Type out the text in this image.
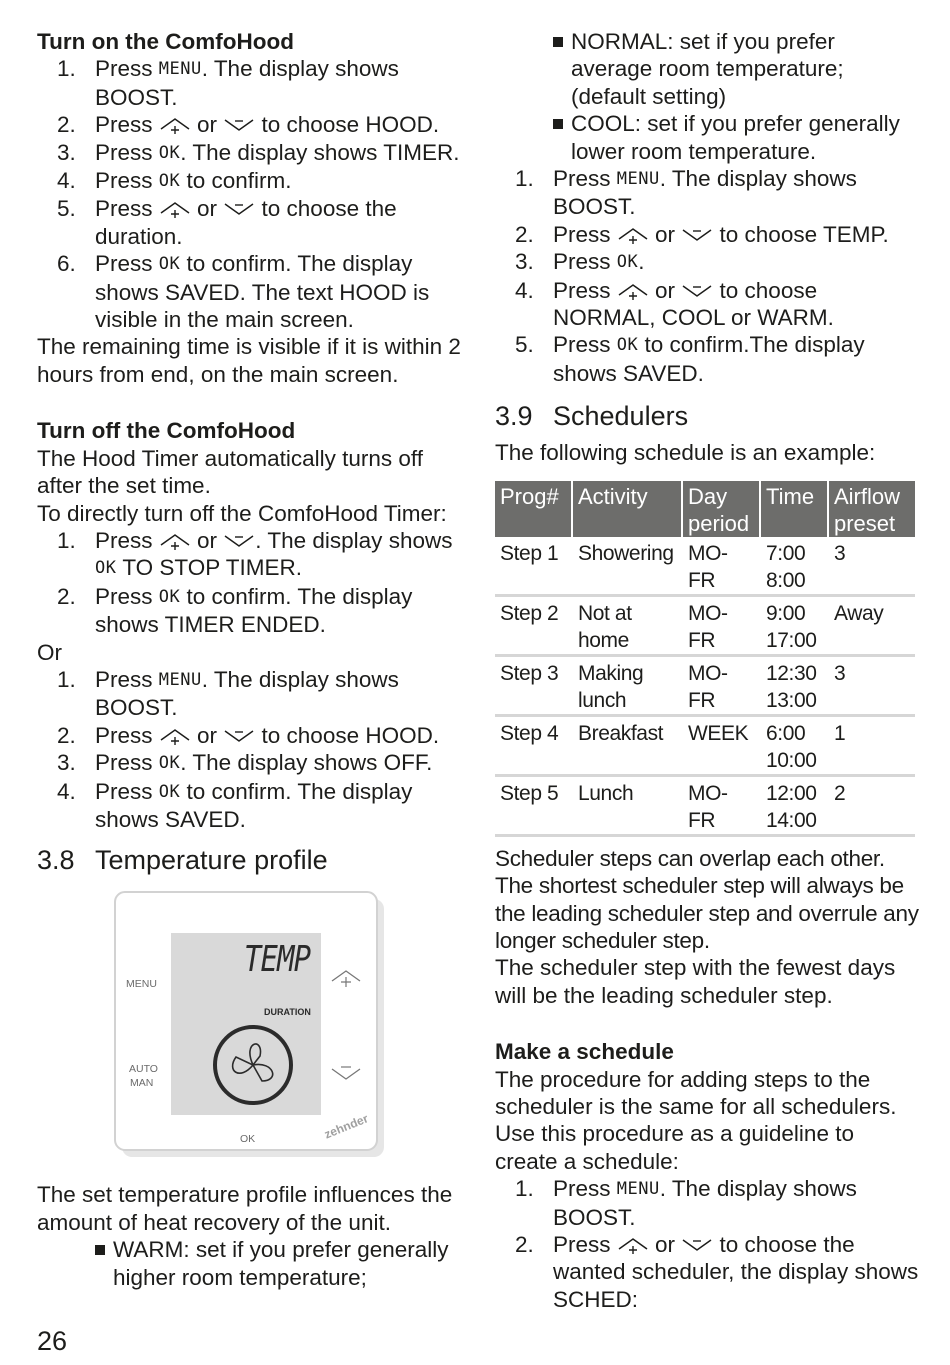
Turn on the ComfoHood
1. Press MENU. The display shows BOOST.
2. Press  or  to choose HOOD.
3. Press OK. The display shows TIMER.
4. Press OK to confirm.
5. Press  or  to choose the duration.
6. Press OK to confirm. The display shows SAVED. The text HOOD is visible in the main screen.
The remaining time is visible if it is within 2 hours from end, on the main screen.
Turn off the ComfoHood
The Hood Timer automatically turns off after the set time.
To directly turn off the ComfoHood Timer:
1. Press  or . The display shows OK TO STOP TIMER.
2. Press OK to confirm. The display shows TIMER ENDED.
Or
1. Press MENU. The display shows BOOST.
2. Press  or  to choose HOOD.
3. Press OK. The display shows OFF.
4. Press OK to confirm. The display shows SAVED.
3.8 Temperature profile
MENU
AUTO
MAN
TEMP
DURATION
OK	zehnder
The set temperature profile influences the amount of heat recovery of the unit.
WARM: set if you prefer generally higher room temperature;
NORMAL: set if you prefer average room temperature; (default setting)
COOL: set if you prefer generally lower room temperature.
1. Press MENU. The display shows BOOST.
2. Press  or  to choose TEMP.
3. Press OK.
4. Press  or  to choose NORMAL, COOL or WARM.
5. Press OK to confirm.The display shows SAVED.
3.9 Schedulers
The following schedule is an example:
Prog#	Activity	Day period	Time	Airflow preset
Step 1	Showering	MO-FR	7:00
8:00	3
Step 2	Not at home	MO-FR	9:00
17:00	Away
Step 3	Making lunch	MO-FR	12:30
13:00	3
Step 4	Breakfast	WEEK	6:00
10:00	1
Step 5	Lunch	MO-FR	12:00
14:00	2
Scheduler steps can overlap each other. The shortest scheduler step will always be the leading scheduler step and overrule any longer scheduler step.
The scheduler step with the fewest days will be the leading scheduler step.
Make a schedule
The procedure for adding steps to the scheduler is the same for all schedulers. Use this procedure as a guideline to create a schedule:
1. Press MENU. The display shows BOOST.
2. Press  or  to choose the wanted scheduler, the display shows SCHED:
26
